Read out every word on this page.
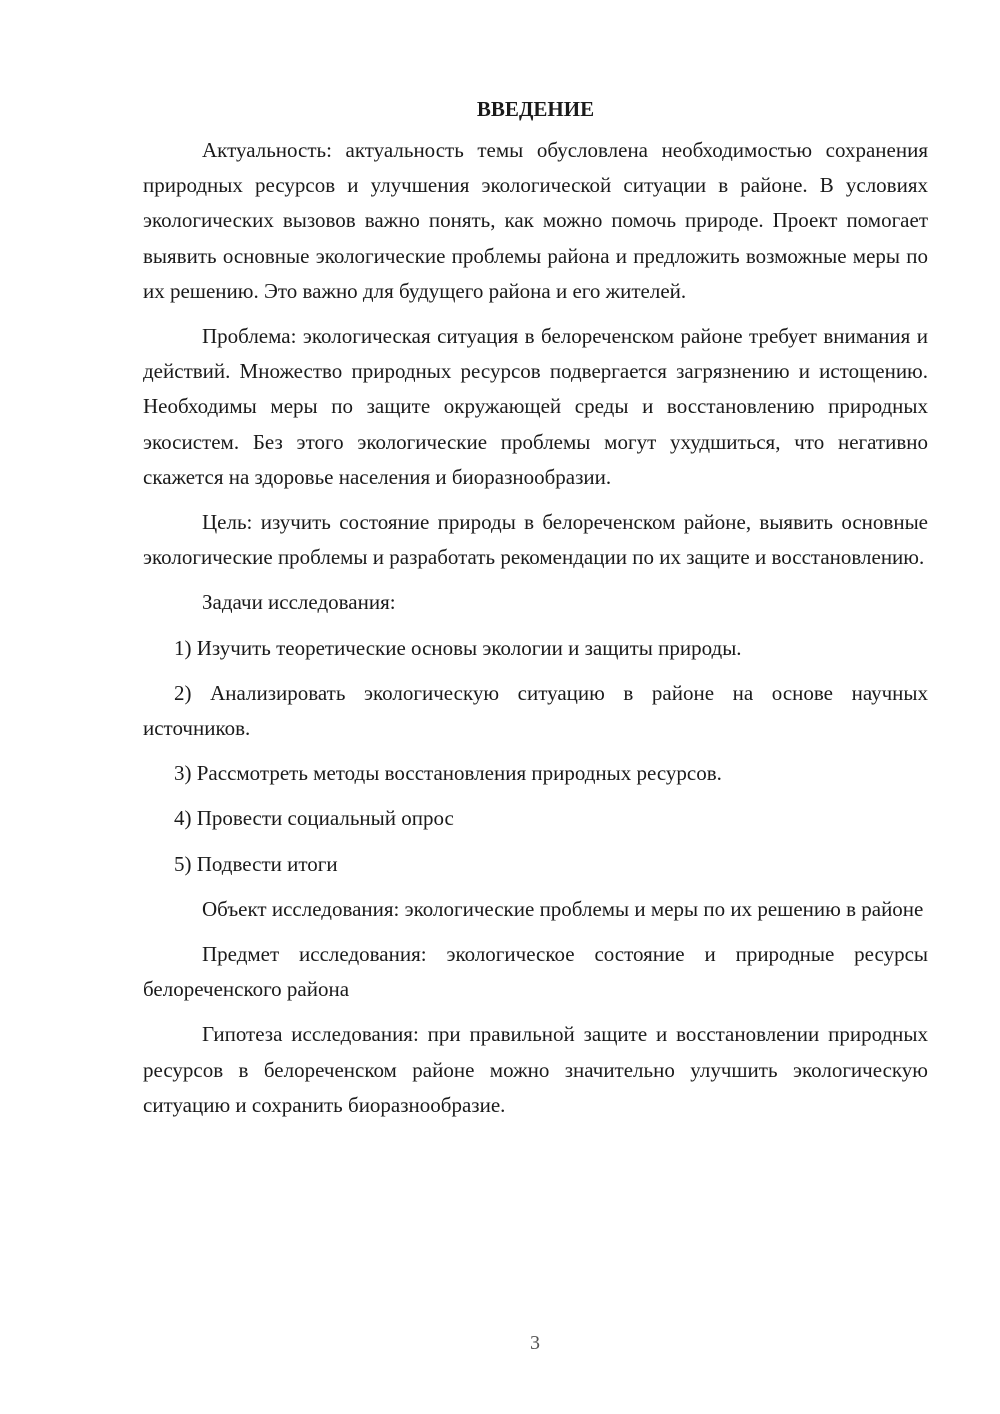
ВВЕДЕНИЕ

Актуальность: актуальность темы обусловлена необходимостью сохранения природных ресурсов и улучшения экологической ситуации в районе. В условиях экологических вызовов важно понять, как можно помочь природе. Проект помогает выявить основные экологические проблемы района и предложить возможные меры по их решению. Это важно для будущего района и его жителей.

Проблема: экологическая ситуация в белореченском районе требует внимания и действий. Множество природных ресурсов подвергается загрязнению и истощению. Необходимы меры по защите окружающей среды и восстановлению природных экосистем. Без этого экологические проблемы могут ухудшиться, что негативно скажется на здоровье населения и биоразнообразии.

Цель: изучить состояние природы в белореченском районе, выявить основные экологические проблемы и разработать рекомендации по их защите и восстановлению.

Задачи исследования:

1) Изучить теоретические основы экологии и защиты природы.

2) Анализировать экологическую ситуацию в районе на основе научных источников.

3) Рассмотреть методы восстановления природных ресурсов.

4) Провести социальный опрос

5) Подвести итоги

Объект исследования: экологические проблемы и меры по их решению в районе

Предмет исследования: экологическое состояние и природные ресурсы белореченского района

Гипотеза исследования: при правильной защите и восстановлении природных ресурсов в белореченском районе можно значительно улучшить экологическую ситуацию и сохранить биоразнообразие.

3
